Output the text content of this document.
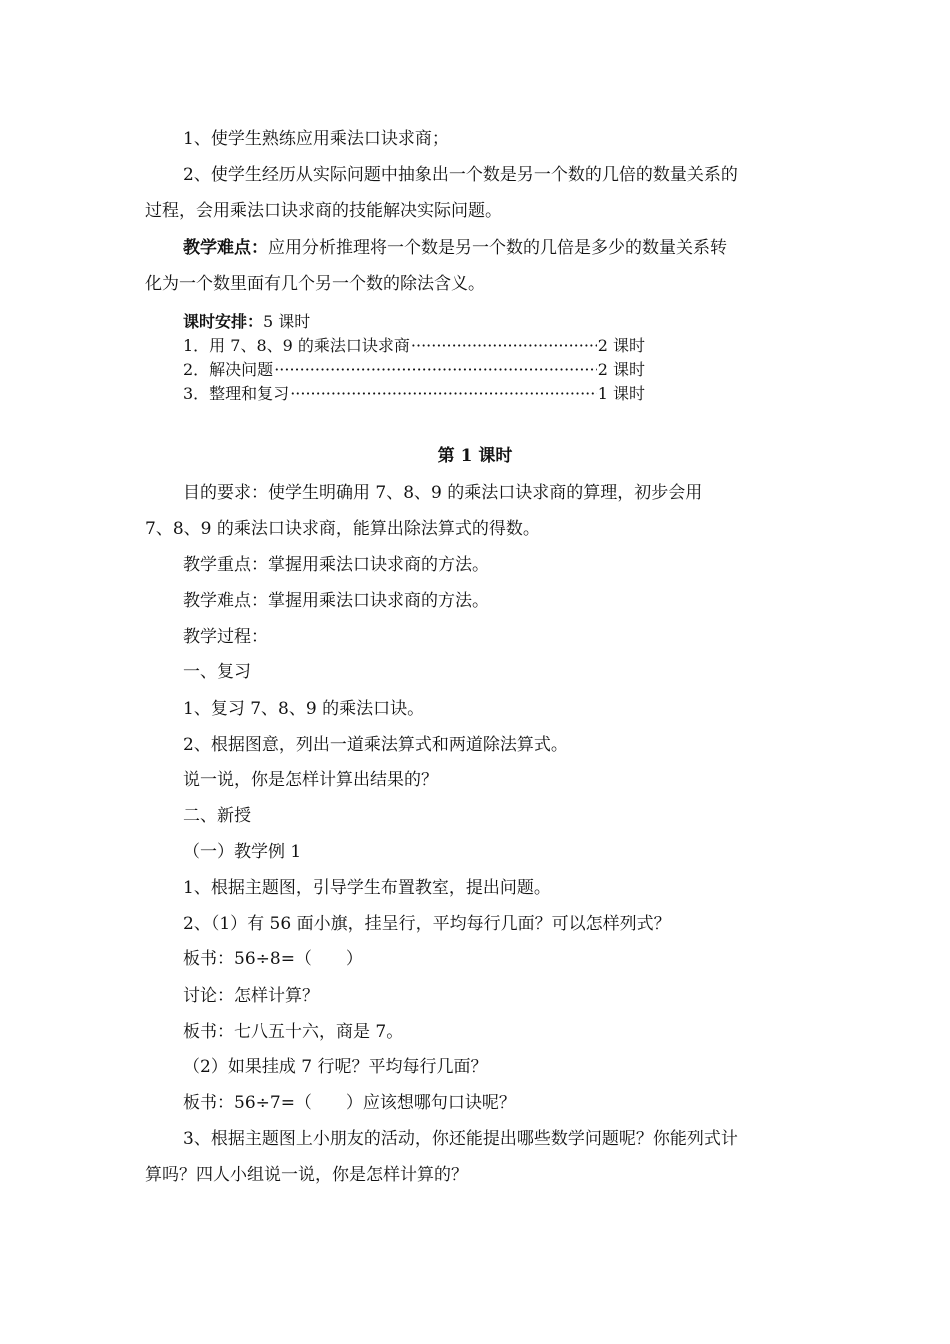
1、使学生熟练应用乘法口诀求商；
2、使学生经历从实际问题中抽象出一个数是另一个数的几倍的数量关系的
过程，会用乘法口诀求商的技能解决实际问题。
教学难点：应用分析推理将一个数是另一个数的几倍是多少的数量关系转
化为一个数里面有几个另一个数的除法含义。
课时安排：5 课时
1．用 7、8、9 的乘法口诀求商 ·····	2 课时
2．解决问题 ·····	2 课时
3．整理和复习 ·····	1 课时
第 1 课时
目的要求：使学生明确用 7、8、9 的乘法口诀求商的算理，初步会用
7、8、9 的乘法口诀求商，能算出除法算式的得数。
教学重点：掌握用乘法口诀求商的方法。
教学难点：掌握用乘法口诀求商的方法。
教学过程：
一、复习
1、复习 7、8、9 的乘法口诀。
2、根据图意，列出一道乘法算式和两道除法算式。
说一说，你是怎样计算出结果的？
二、新授
（一）教学例 1
1、根据主题图，引导学生布置教室，提出问题。
2、（1）有 56 面小旗，挂呈行，平均每行几面？可以怎样列式？
板书：56÷8=（　　）
讨论：怎样计算？
板书：七八五十六，商是 7。
（2）如果挂成 7 行呢？平均每行几面？
板书：56÷7=（　　）应该想哪句口诀呢？
3、根据主题图上小朋友的活动，你还能提出哪些数学问题呢？你能列式计
算吗？四人小组说一说，你是怎样计算的？
